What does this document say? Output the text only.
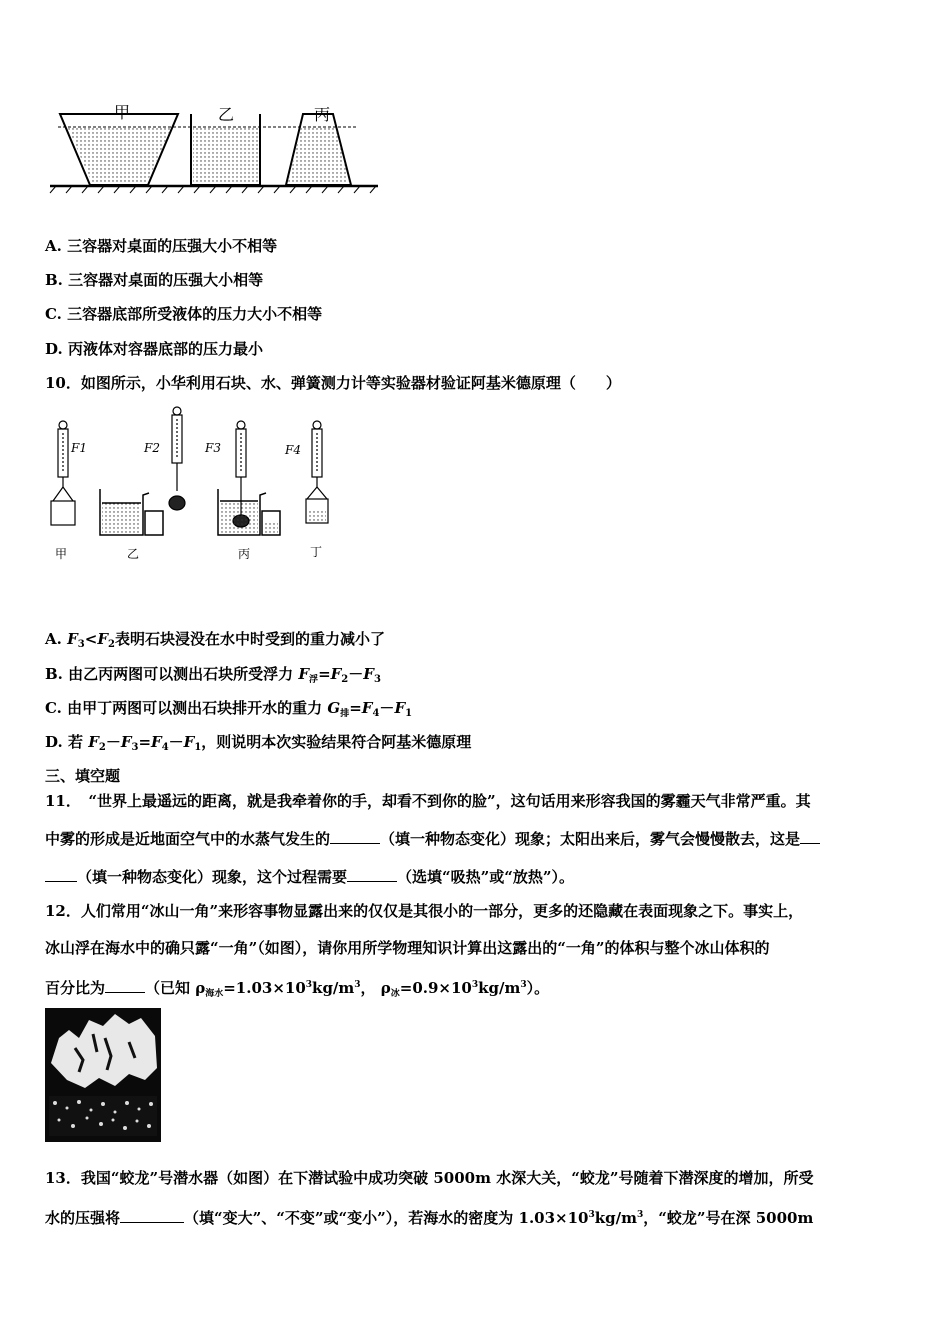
甲	乙	丙
A. 三容器对桌面的压强大小不相等
B. 三容器对桌面的压强大小相等
C. 三容器底部所受液体的压力大小不相等
D. 丙液体对容器底部的压力最小
10．如图所示，小华利用石块、水、弹簧测力计等实验器材验证阿基米德原理（　　）
F1	F2	F3	F4
甲	乙	丙	丁
A. $F_3<F_2$表明石块浸没在水中时受到的重力减小了
B. 由乙丙两图可以测出石块所受浮力 $F_浮=F_2-F_3$
C. 由甲丁两图可以测出石块排开水的重力 $G_排=F_4-F_1$
D. 若 $F_2-F_3=F_4-F_1$，则说明本次实验结果符合阿基米德原理
三、填空题
11．　“世界上最遥远的距离，就是我牵着你的手，却看不到你的脸”，这句话用来形容我国的雾霾天气非常严重。其
中雾的形成是近地面空气中的水蒸气发生的	（填一种物态变化）现象；太阳出来后，雾气会慢慢散去，这是
（填一种物态变化）现象，这个过程需要	（选填“吸热”或“放热”）。
12．人们常用“冰山一角”来形容事物显露出来的仅仅是其很小的一部分，更多的还隐藏在表面现象之下。事实上，
冰山浮在海水中的确只露“一角”（如图），请你用所学物理知识计算出这露出的“一角”的体积与整个冰山体积的
百分比为	（已知 $\rho_{海水}=1.03\times 10^3kg/m^3$， $\rho_冰=0.9\times 10^3kg/m^3$）。
13．我国“蛟龙”号潜水器（如图）在下潜试验中成功突破 5000m 水深大关，“蛟龙”号随着下潜深度的增加，所受
水的压强将	（填“变大”、“不变”或“变小”），若海水的密度为 $1.03\times 10^3kg/m^3$，“蛟龙”号在深 5000m
